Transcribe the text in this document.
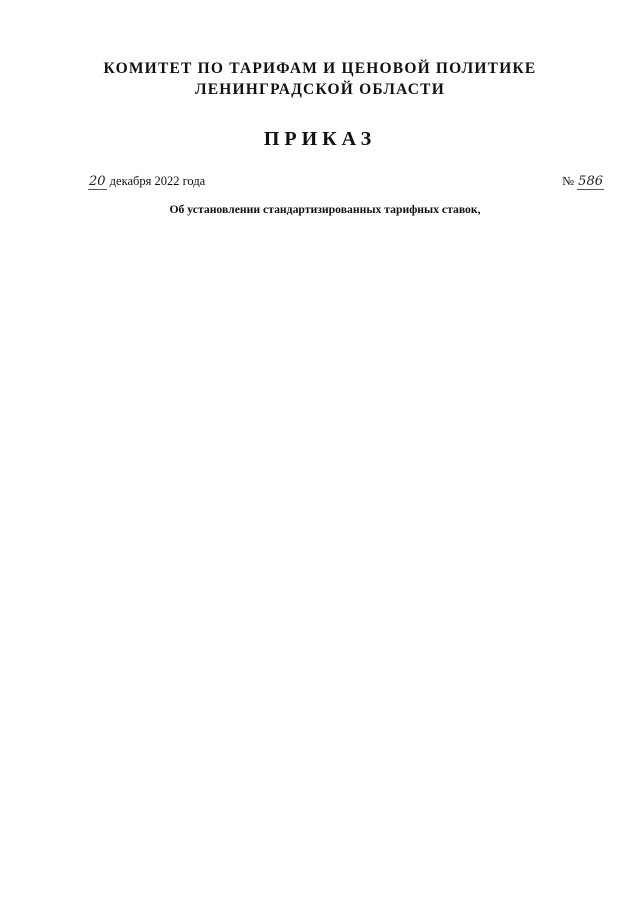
КОМИТЕТ ПО ТАРИФАМ И ЦЕНОВОЙ ПОЛИТИКЕ
ЛЕНИНГРАДСКОЙ ОБЛАСТИ
ПРИКАЗ
20 декабря 2022 года	№ 586
Об установлении стандартизированных тарифных ставок,
